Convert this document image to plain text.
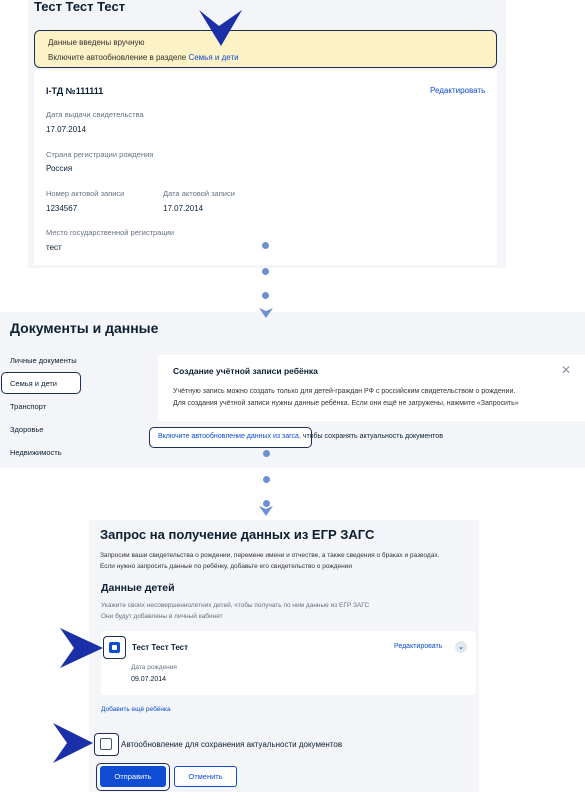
Тест Тест Тест
Данные введены вручную
Включите автообновление в разделе Семья и дети
I-ТД №111111	Редактировать
Дата выдачи свидетельства
17.07.2014
Страна регистрации рождения
Россия
Номер актовой записи
1234567
Дата актовой записи
17.07.2014
Место государственной регистрации
тест
Документы и данные
Личные документы
Семья и дети
Транспорт
Здоровье
Недвижимость
Создание учётной записи ребёнка	✕
Учётную запись можно создать только для детей-граждан РФ с российским свидетельством о рождении.
Для создания учётной записи нужны данные ребёнка. Если они ещё не загружены, нажмите «Запросить»
Включите автообновление данных из загса, чтобы сохранять актуальность документов
Запрос на получение данных из ЕГР ЗАГС
Запросим ваши свидетельства о рождении, перемене имени и отчестве, а также сведения о браках и разводах.
Если нужно запросить данные по ребёнку, добавьте его свидетельство о рождении
Данные детей
Укажите своих несовершеннолетних детей, чтобы получать по ним данные из ЕГР ЗАГС
Они будут добавлены в личный кабинет
Тест Тест Тест	Редактировать	⌄
Дата рождения
09.07.2014
Добавить ещё ребёнка
Автообновление для сохранения актуальности документов
Отправить	Отменить
